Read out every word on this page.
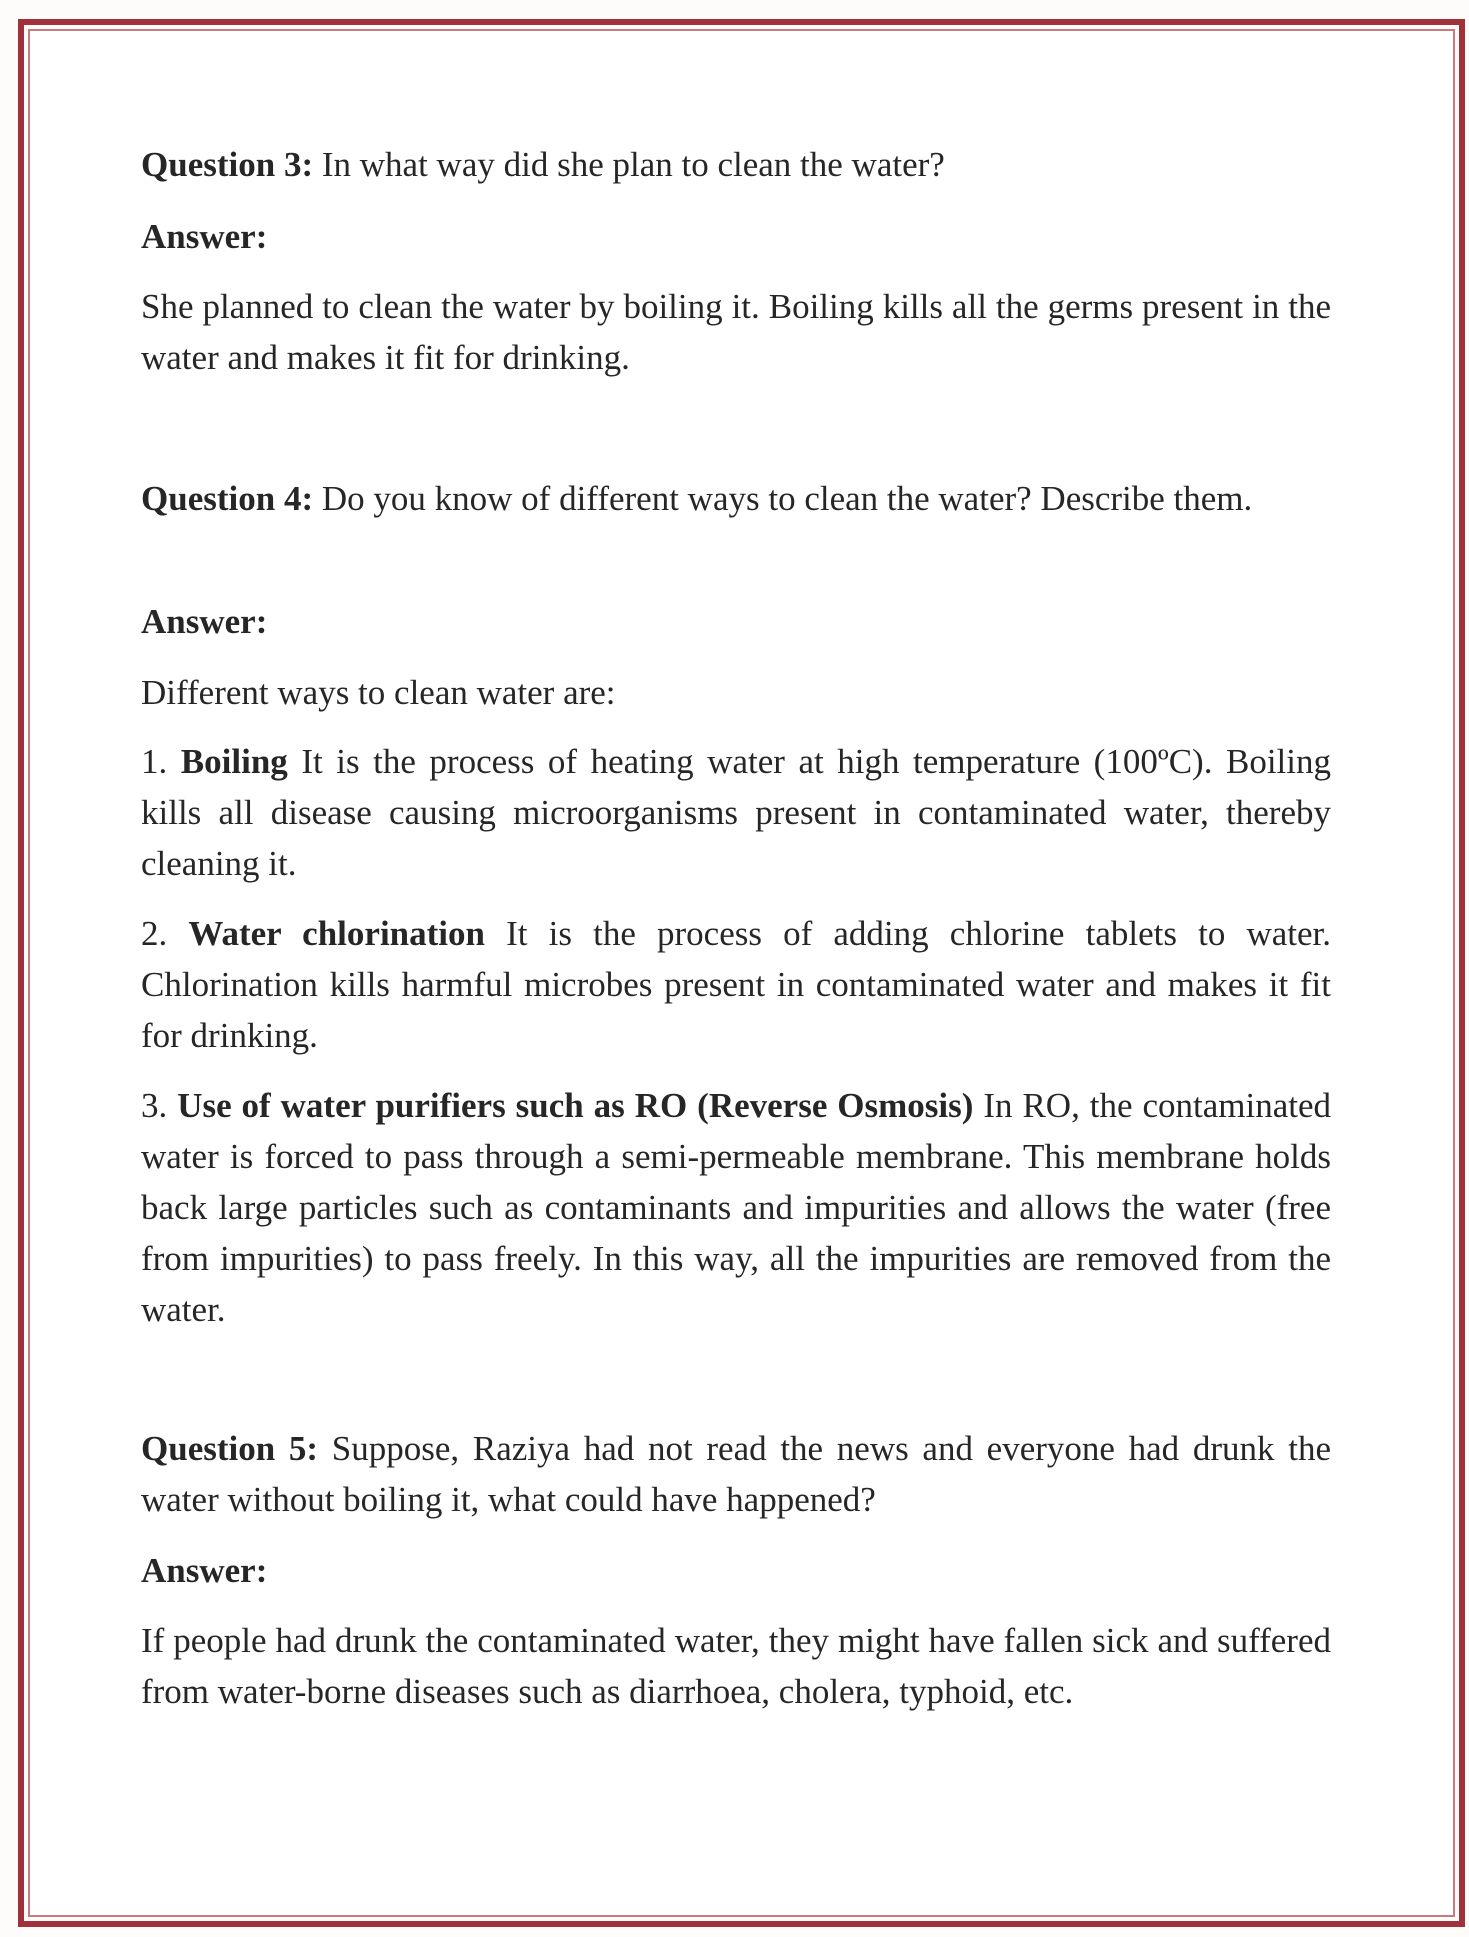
Question 3: In what way did she plan to clean the water?
Answer:
She planned to clean the water by boiling it. Boiling kills all the germs present in the water and makes it fit for drinking.
Question 4: Do you know of different ways to clean the water? Describe them.
Answer:
Different ways to clean water are:
1. Boiling It is the process of heating water at high temperature (100ºC). Boiling kills all disease causing microorganisms present in contaminated water, thereby cleaning it.
2. Water chlorination It is the process of adding chlorine tablets to water. Chlorination kills harmful microbes present in contaminated water and makes it fit for drinking.
3. Use of water purifiers such as RO (Reverse Osmosis) In RO, the contaminated water is forced to pass through a semi-permeable membrane. This membrane holds back large particles such as contaminants and impurities and allows the water (free from impurities) to pass freely. In this way, all the impurities are removed from the water.
Question 5: Suppose, Raziya had not read the news and everyone had drunk the water without boiling it, what could have happened?
Answer:
If people had drunk the contaminated water, they might have fallen sick and suffered from water-borne diseases such as diarrhoea, cholera, typhoid, etc.
